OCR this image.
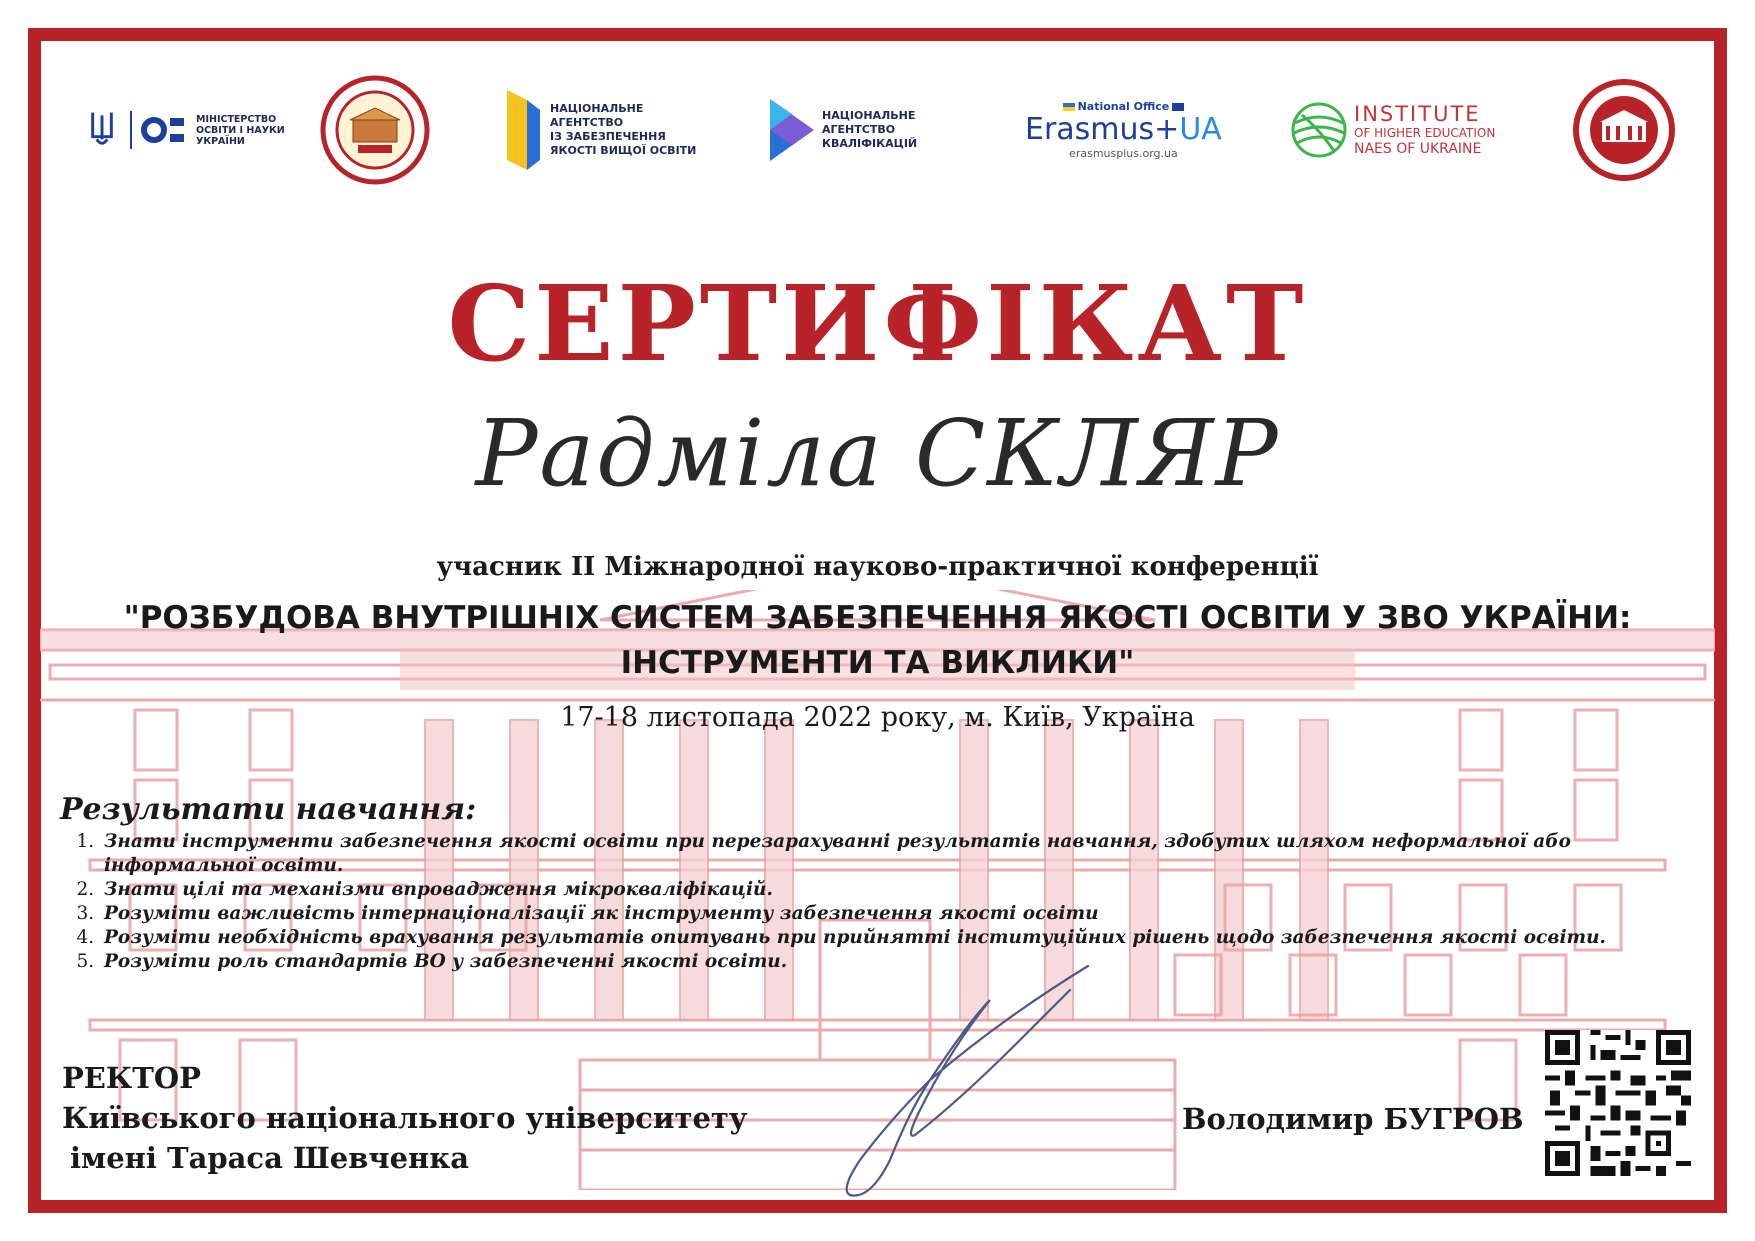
МІНІСТЕРСТВО
ОСВІТИ І НАУКИ
УКРАЇНИ
НАЦІОНАЛЬНЕ
АГЕНТСТВО
ІЗ ЗАБЕЗПЕЧЕННЯ
ЯКОСТІ ВИЩОЇ ОСВІТИ
НАЦІОНАЛЬНЕ
АГЕНТСТВО
КВАЛІФІКАЦІЙ
National Office
Erasmus+UA
erasmusplus.org.ua
INSTITUTE
OF HIGHER EDUCATION
NAES OF UKRAINE
СЕРТИФІКАТ
Радміла СКЛЯР
учасник ІІ Міжнародної науково-практичної конференції
"РОЗБУДОВА ВНУТРІШНІХ СИСТЕМ ЗАБЕЗПЕЧЕННЯ ЯКОСТІ ОСВІТИ У ЗВО УКРАЇНИ:
ІНСТРУМЕНТИ ТА ВИКЛИКИ"
17-18 листопада 2022 року, м. Київ, Україна
Результати навчання:
1. Знати інструменти забезпечення якості освіти при перезарахуванні результатів навчання, здобутих шляхом неформальної або інформальної освіти.
2. Знати цілі та механізми впровадження мікрокваліфікацій.
3. Розуміти важливість інтернаціоналізації як інструменту забезпечення якості освіти
4. Розуміти необхідність врахування результатів опитувань при прийнятті інституційних рішень щодо забезпечення якості освіти.
5. Розуміти роль стандартів ВО у забезпеченні якості освіти.
РЕКТОР
Київського національного університету
імені Тараса Шевченка
Володимир БУГРОВ
